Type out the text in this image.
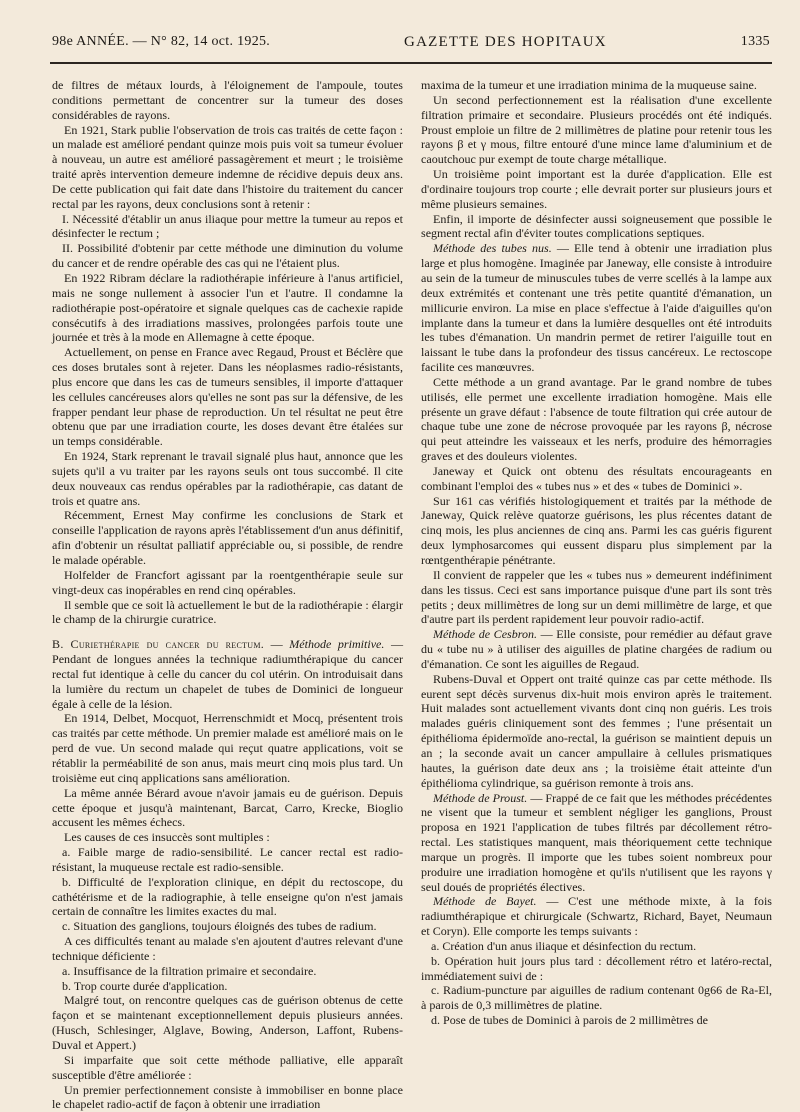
98e ANNÉE. — N° 82, 14 oct. 1925.	GAZETTE DES HOPITAUX	1335

de filtres de métaux lourds, à l'éloignement de l'ampoule, toutes conditions permettant de concentrer sur la tumeur des doses considérables de rayons.

En 1921, Stark publie l'observation de trois cas traités de cette façon : un malade est amélioré pendant quinze mois puis voit sa tumeur évoluer à nouveau, un autre est amélioré passagèrement et meurt ; le troisième traité après intervention demeure indemne de récidive depuis deux ans. De cette publication qui fait date dans l'histoire du traitement du cancer rectal par les rayons, deux conclusions sont à retenir :

I. Nécessité d'établir un anus iliaque pour mettre la tumeur au repos et désinfecter le rectum ;

II. Possibilité d'obtenir par cette méthode une diminution du volume du cancer et de rendre opérable des cas qui ne l'étaient plus.

En 1922 Ribram déclare la radiothérapie inférieure à l'anus artificiel, mais ne songe nullement à associer l'un et l'autre. Il condamne la radiothérapie post-opératoire et signale quelques cas de cachexie rapide consécutifs à des irradiations massives, prolongées parfois toute une journée et très à la mode en Allemagne à cette époque.

Actuellement, on pense en France avec Regaud, Proust et Béclère que ces doses brutales sont à rejeter. Dans les néoplasmes radio-résistants, plus encore que dans les cas de tumeurs sensibles, il importe d'attaquer les cellules cancéreuses alors qu'elles ne sont pas sur la défensive, de les frapper pendant leur phase de reproduction. Un tel résultat ne peut être obtenu que par une irradiation courte, les doses devant être étalées sur un temps considérable.

En 1924, Stark reprenant le travail signalé plus haut, annonce que les sujets qu'il a vu traiter par les rayons seuls ont tous succombé. Il cite deux nouveaux cas rendus opérables par la radiothérapie, cas datant de trois et quatre ans.

Récemment, Ernest May confirme les conclusions de Stark et conseille l'application de rayons après l'établissement d'un anus définitif, afin d'obtenir un résultat palliatif appréciable ou, si possible, de rendre le malade opérable.

Holfelder de Francfort agissant par la roentgenthérapie seule sur vingt-deux cas inopérables en rend cinq opérables.

Il semble que ce soit là actuellement le but de la radiothérapie : élargir le champ de la chirurgie curatrice.

B. Curiethérapie du cancer du rectum. — Méthode primitive. — Pendant de longues années la technique radiumthérapique du cancer rectal fut identique à celle du cancer du col utérin. On introduisait dans la lumière du rectum un chapelet de tubes de Dominici de longueur égale à celle de la lésion.

En 1914, Delbet, Mocquot, Herrenschmidt et Mocq, présentent trois cas traités par cette méthode. Un premier malade est amélioré mais on le perd de vue. Un second malade qui reçut quatre applications, voit se rétablir la perméabilité de son anus, mais meurt cinq mois plus tard. Un troisième eut cinq applications sans amélioration.

La même année Bérard avoue n'avoir jamais eu de guérison. Depuis cette époque et jusqu'à maintenant, Barcat, Carro, Krecke, Bioglio accusent les mêmes échecs.

Les causes de ces insuccès sont multiples :

a. Faible marge de radio-sensibilité. Le cancer rectal est radio-résistant, la muqueuse rectale est radio-sensible.

b. Difficulté de l'exploration clinique, en dépit du rectoscope, du cathétérisme et de la radiographie, à telle enseigne qu'on n'est jamais certain de connaître les limites exactes du mal.

c. Situation des ganglions, toujours éloignés des tubes de radium.

A ces difficultés tenant au malade s'en ajoutent d'autres relevant d'une technique déficiente :

a. Insuffisance de la filtration primaire et secondaire.

b. Trop courte durée d'application.

Malgré tout, on rencontre quelques cas de guérison obtenus de cette façon et se maintenant exceptionnellement depuis plusieurs années. (Husch, Schlesinger, Alglave, Bowing, Anderson, Laffont, Rubens-Duval et Appert.)

Si imparfaite que soit cette méthode palliative, elle apparaît susceptible d'être améliorée :

Un premier perfectionnement consiste à immobiliser en bonne place le chapelet radio-actif de façon à obtenir une irradiation

maxima de la tumeur et une irradiation minima de la muqueuse saine.

Un second perfectionnement est la réalisation d'une excellente filtration primaire et secondaire. Plusieurs procédés ont été indiqués. Proust emploie un filtre de 2 millimètres de platine pour retenir tous les rayons β et γ mous, filtre entouré d'une mince lame d'aluminium et de caoutchouc pur exempt de toute charge métallique.

Un troisième point important est la durée d'application. Elle est d'ordinaire toujours trop courte ; elle devrait porter sur plusieurs jours et même plusieurs semaines.

Enfin, il importe de désinfecter aussi soigneusement que possible le segment rectal afin d'éviter toutes complications septiques.

Méthode des tubes nus. — Elle tend à obtenir une irradiation plus large et plus homogène. Imaginée par Janeway, elle consiste à introduire au sein de la tumeur de minuscules tubes de verre scellés à la lampe aux deux extrémités et contenant une très petite quantité d'émanation, un millicurie environ. La mise en place s'effectue à l'aide d'aiguilles qu'on implante dans la tumeur et dans la lumière desquelles ont été introduits les tubes d'émanation. Un mandrin permet de retirer l'aiguille tout en laissant le tube dans la profondeur des tissus cancéreux. Le rectoscope facilite ces manœuvres.

Cette méthode a un grand avantage. Par le grand nombre de tubes utilisés, elle permet une excellente irradiation homogène. Mais elle présente un grave défaut : l'absence de toute filtration qui crée autour de chaque tube une zone de nécrose provoquée par les rayons β, nécrose qui peut atteindre les vaisseaux et les nerfs, produire des hémorragies graves et des douleurs violentes.

Janeway et Quick ont obtenu des résultats encourageants en combinant l'emploi des « tubes nus » et des « tubes de Dominici ».

Sur 161 cas vérifiés histologiquement et traités par la méthode de Janeway, Quick relève quatorze guérisons, les plus récentes datant de cinq mois, les plus anciennes de cinq ans. Parmi les cas guéris figurent deux lymphosarcomes qui eussent disparu plus simplement par la rœntgenthérapie pénétrante.

Il convient de rappeler que les « tubes nus » demeurent indéfiniment dans les tissus. Ceci est sans importance puisque d'une part ils sont très petits ; deux millimètres de long sur un demi millimètre de large, et que d'autre part ils perdent rapidement leur pouvoir radio-actif.

Méthode de Cesbron. — Elle consiste, pour remédier au défaut grave du « tube nu » à utiliser des aiguilles de platine chargées de radium ou d'émanation. Ce sont les aiguilles de Regaud.

Rubens-Duval et Oppert ont traité quinze cas par cette méthode. Ils eurent sept décès survenus dix-huit mois environ après le traitement. Huit malades sont actuellement vivants dont cinq non guéris. Les trois malades guéris cliniquement sont des femmes ; l'une présentait un épithélioma épidermoïde ano-rectal, la guérison se maintient depuis un an ; la seconde avait un cancer ampullaire à cellules prismatiques hautes, la guérison date deux ans ; la troisième était atteinte d'un épithélioma cylindrique, sa guérison remonte à trois ans.

Méthode de Proust. — Frappé de ce fait que les méthodes précédentes ne visent que la tumeur et semblent négliger les ganglions, Proust proposa en 1921 l'application de tubes filtrés par décollement rétro-rectal. Les statistiques manquent, mais théoriquement cette technique marque un progrès. Il importe que les tubes soient nombreux pour produire une irradiation homogène et qu'ils n'utilisent que les rayons γ seul doués de propriétés électives.

Méthode de Bayet. — C'est une méthode mixte, à la fois radiumthérapique et chirurgicale (Schwartz, Richard, Bayet, Neumaun et Coryn). Elle comporte les temps suivants :

a. Création d'un anus iliaque et désinfection du rectum.

b. Opération huit jours plus tard : décollement rétro et latéro-rectal, immédiatement suivi de :

c. Radium-puncture par aiguilles de radium contenant 0g66 de Ra-El, à parois de 0,3 millimètres de platine.

d. Pose de tubes de Dominici à parois de 2 millimètres de
